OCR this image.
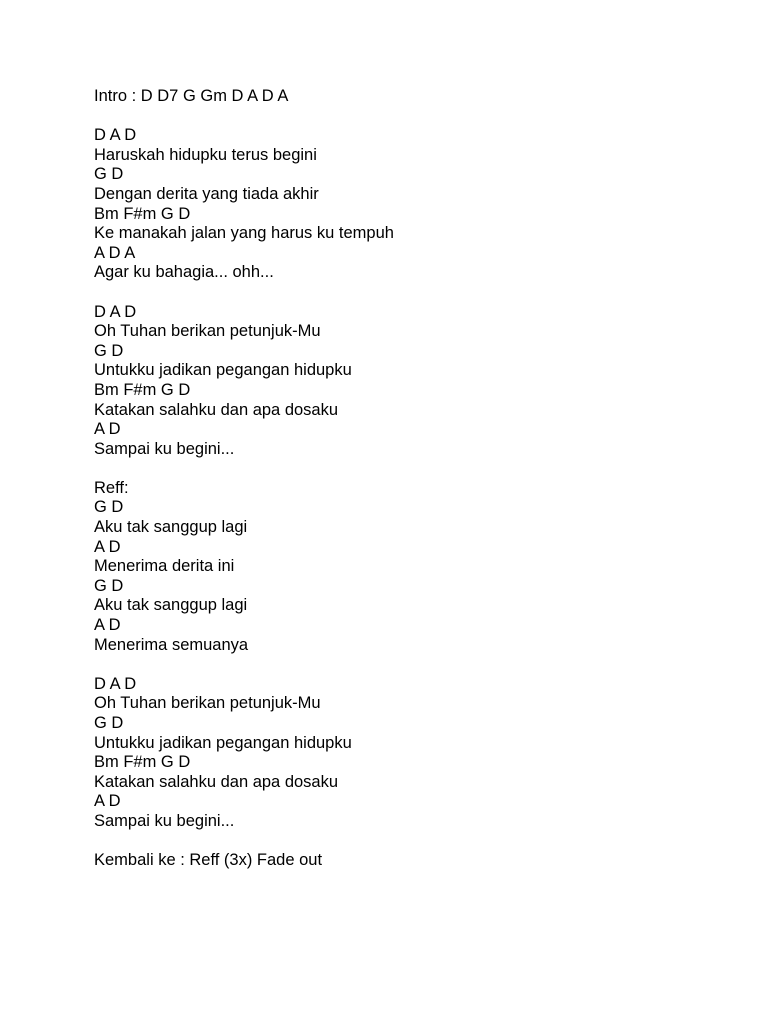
Intro : D D7 G Gm D A D A
D A D
Haruskah hidupku terus begini
G D
Dengan derita yang tiada akhir
Bm F#m G D
Ke manakah jalan yang harus ku tempuh
A D A
Agar ku bahagia... ohh...
D A D
Oh Tuhan berikan petunjuk-Mu
G D
Untukku jadikan pegangan hidupku
Bm F#m G D
Katakan salahku dan apa dosaku
A D
Sampai ku begini...
Reff:
G D
Aku tak sanggup lagi
A D
Menerima derita ini
G D
Aku tak sanggup lagi
A D
Menerima semuanya
D A D
Oh Tuhan berikan petunjuk-Mu
G D
Untukku jadikan pegangan hidupku
Bm F#m G D
Katakan salahku dan apa dosaku
A D
Sampai ku begini...
Kembali ke : Reff (3x) Fade out
